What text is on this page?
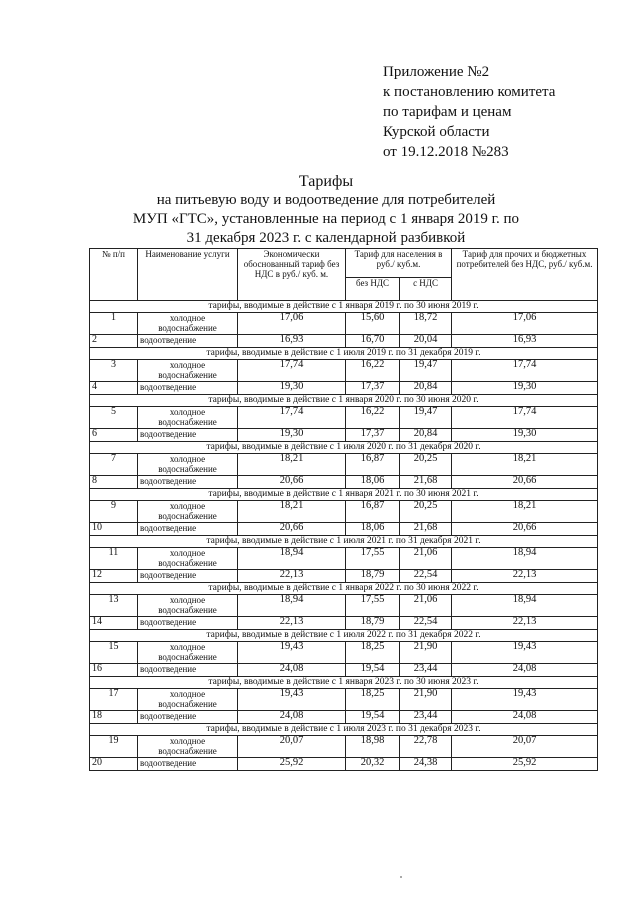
Приложение №2
к постановлению комитета
по тарифам и ценам
Курской области
от 19.12.2018 №283
Тарифы
на питьевую воду и водоотведение для потребителей
МУП «ГТС», установленные на период с 1 января 2019 г. по
31 декабря 2023 г. с календарной разбивкой
№ п/п	Наименование услуги	Экономически обоснованный тариф без НДС в руб./ куб. м.	Тариф для населения в руб./ куб.м.		Тариф для прочих и бюджетных потребителей без НДС, руб./ куб.м.
			без НДС	с НДС	
тарифы, вводимые в действие с 1 января 2019 г. по 30 июня 2019 г.					
1	холодное водоснабжение	17,06	15,60	18,72	17,06
2	водоотведение	16,93	16,70	20,04	16,93
тарифы, вводимые в действие с 1 июля 2019 г. по 31 декабря 2019 г.					
3	холодное водоснабжение	17,74	16,22	19,47	17,74
4	водоотведение	19,30	17,37	20,84	19,30
тарифы, вводимые в действие с 1 января 2020 г. по 30 июня 2020 г.					
5	холодное водоснабжение	17,74	16,22	19,47	17,74
6	водоотведение	19,30	17,37	20,84	19,30
тарифы, вводимые в действие с 1 июля 2020 г. по 31 декабря 2020 г.					
7	холодное водоснабжение	18,21	16,87	20,25	18,21
8	водоотведение	20,66	18,06	21,68	20,66
тарифы, вводимые в действие с 1 января 2021 г. по 30 июня 2021 г.					
9	холодное водоснабжение	18,21	16,87	20,25	18,21
10	водоотведение	20,66	18,06	21,68	20,66
тарифы, вводимые в действие с 1 июля 2021 г. по 31 декабря 2021 г.					
11	холодное водоснабжение	18,94	17,55	21,06	18,94
12	водоотведение	22,13	18,79	22,54	22,13
тарифы, вводимые в действие с 1 января 2022 г. по 30 июня 2022 г.					
13	холодное водоснабжение	18,94	17,55	21,06	18,94
14	водоотведение	22,13	18,79	22,54	22,13
тарифы, вводимые в действие с 1 июля 2022 г. по 31 декабря 2022 г.					
15	холодное водоснабжение	19,43	18,25	21,90	19,43
16	водоотведение	24,08	19,54	23,44	24,08
тарифы, вводимые в действие с 1 января 2023 г. по 30 июня 2023 г.					
17	холодное водоснабжение	19,43	18,25	21,90	19,43
18	водоотведение	24,08	19,54	23,44	24,08
тарифы, вводимые в действие с 1 июля 2023 г. по 31 декабря 2023 г.					
19	холодное водоснабжение	20,07	18,98	22,78	20,07
20	водоотведение	25,92	20,32	24,38	25,92
